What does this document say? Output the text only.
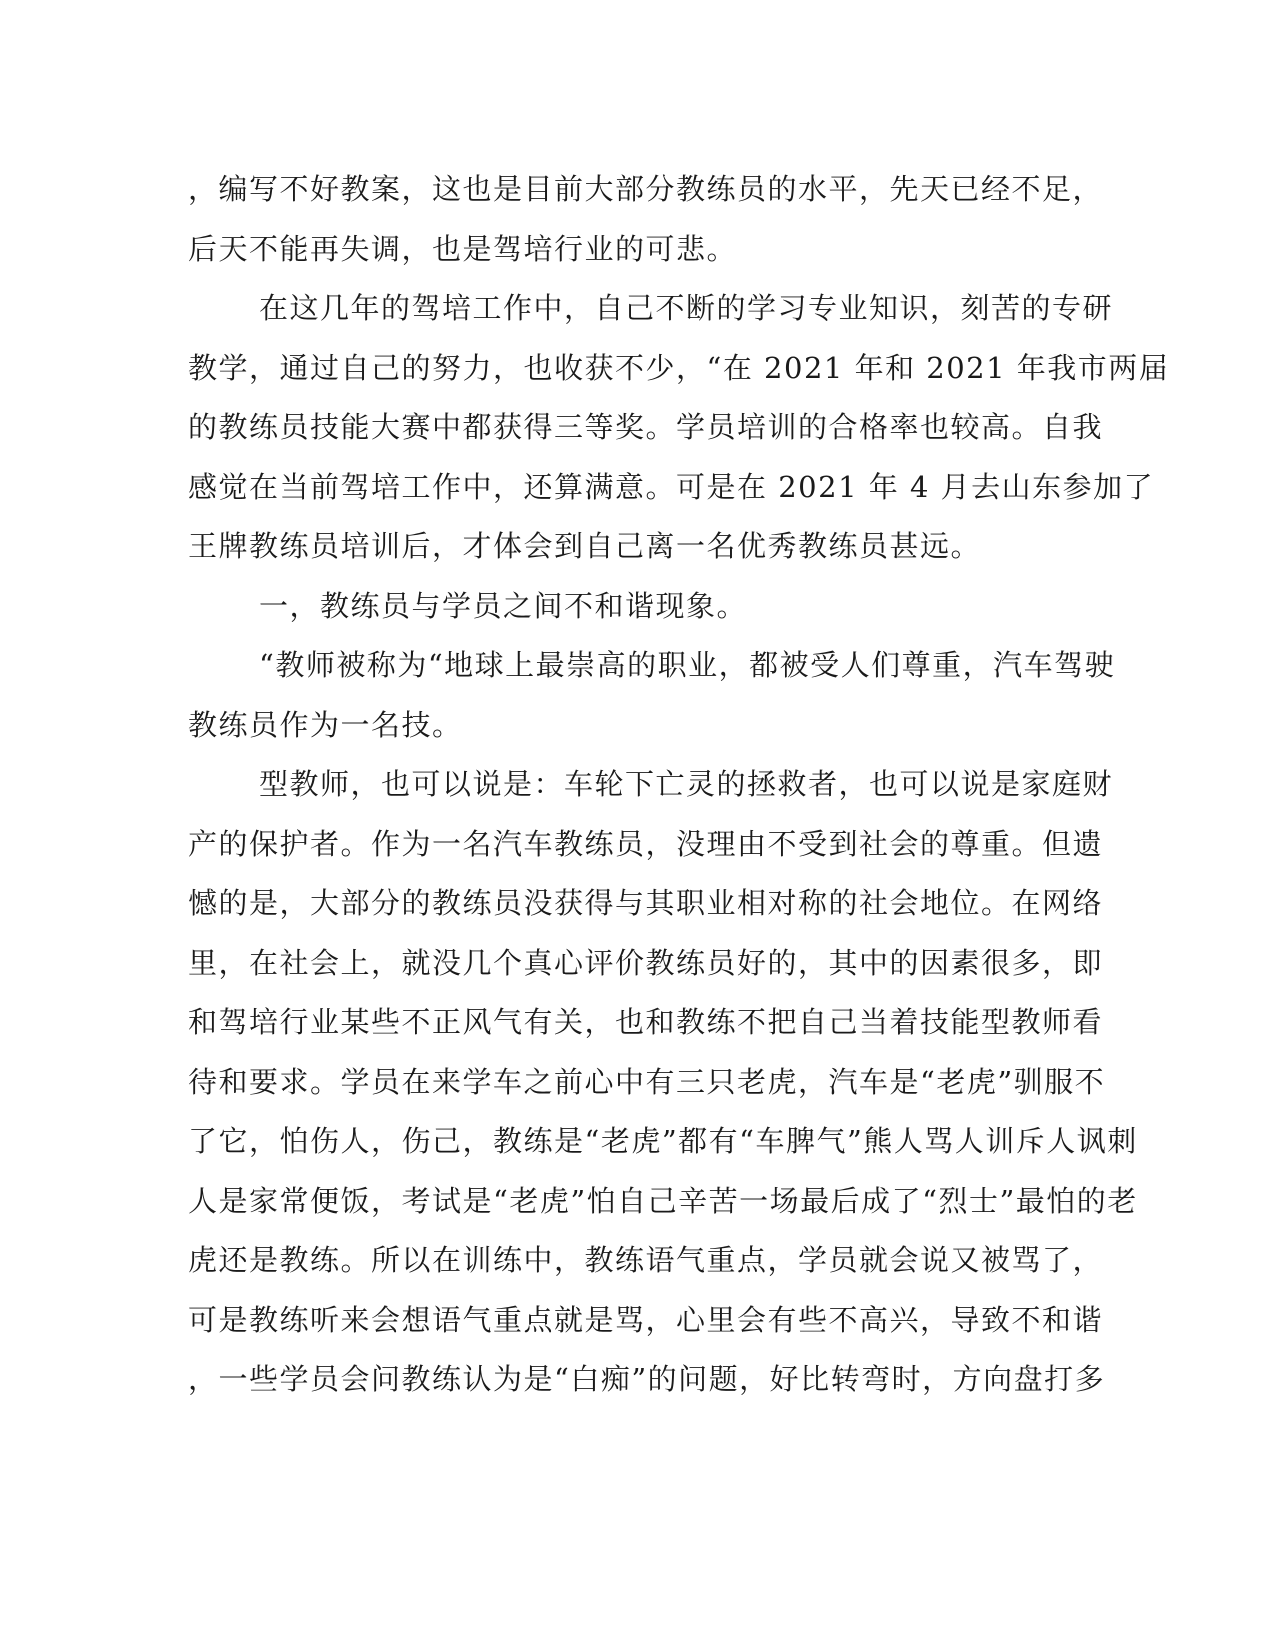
，编写不好教案，这也是目前大部分教练员的水平，先天已经不足，
后天不能再失调，也是驾培行业的可悲。
在这几年的驾培工作中，自己不断的学习专业知识，刻苦的专研
教学，通过自己的努力，也收获不少，“在 2021 年和 2021 年我市两届
的教练员技能大赛中都获得三等奖。学员培训的合格率也较高。自我
感觉在当前驾培工作中，还算满意。可是在 2021 年 4 月去山东参加了
王牌教练员培训后，才体会到自己离一名优秀教练员甚远。
一，教练员与学员之间不和谐现象。
“教师被称为“地球上最崇高的职业，都被受人们尊重，汽车驾驶
教练员作为一名技。
型教师，也可以说是：车轮下亡灵的拯救者，也可以说是家庭财
产的保护者。作为一名汽车教练员，没理由不受到社会的尊重。但遗
憾的是，大部分的教练员没获得与其职业相对称的社会地位。在网络
里，在社会上，就没几个真心评价教练员好的，其中的因素很多，即
和驾培行业某些不正风气有关，也和教练不把自己当着技能型教师看
待和要求。学员在来学车之前心中有三只老虎，汽车是“老虎”驯服不
了它，怕伤人，伤己，教练是“老虎”都有“车脾气”熊人骂人训斥人讽刺
人是家常便饭，考试是“老虎”怕自己辛苦一场最后成了“烈士”最怕的老
虎还是教练。所以在训练中，教练语气重点，学员就会说又被骂了，
可是教练听来会想语气重点就是骂，心里会有些不高兴，导致不和谐
，一些学员会问教练认为是“白痴”的问题，好比转弯时，方向盘打多
